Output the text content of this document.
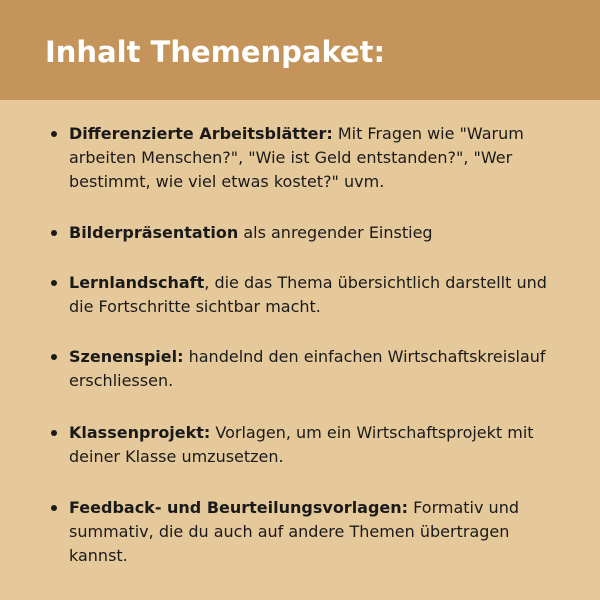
Inhalt Themenpaket:
Differenzierte Arbeitsblätter: Mit Fragen wie "Warum arbeiten Menschen?", "Wie ist Geld entstanden?", "Wer bestimmt, wie viel etwas kostet?" uvm.
Bilderpräsentation als anregender Einstieg
Lernlandschaft, die das Thema übersichtlich darstellt und die Fortschritte sichtbar macht.
Szenenspiel: handelnd den einfachen Wirtschaftskreislauf erschliessen.
Klassenprojekt: Vorlagen, um ein Wirtschaftsprojekt mit deiner Klasse umzusetzen.
Feedback- und Beurteilungsvorlagen: Formativ und summativ, die du auch auf andere Themen übertragen kannst.
